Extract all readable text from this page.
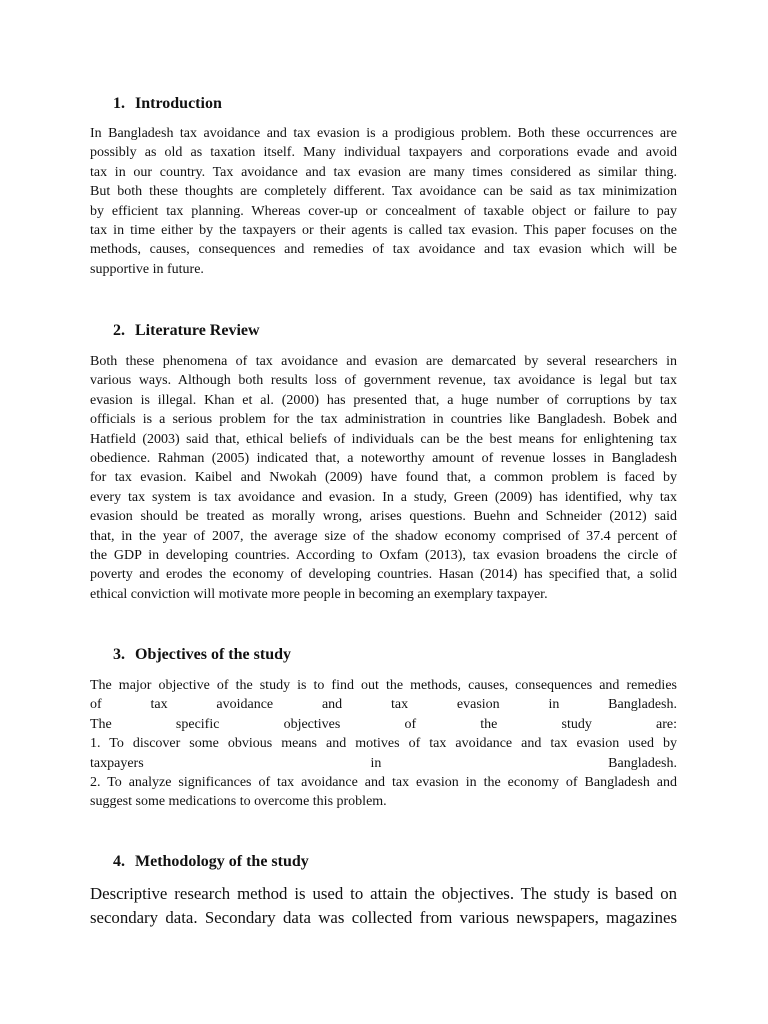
1. Introduction
In Bangladesh tax avoidance and tax evasion is a prodigious problem. Both these occurrences are
possibly as old as taxation itself. Many individual taxpayers and corporations evade and avoid
tax in our country. Tax avoidance and tax evasion are many times considered as similar thing.
But both these thoughts are completely different. Tax avoidance can be said as tax minimization
by efficient tax planning. Whereas cover-up or concealment of taxable object or failure to pay
tax in time either by the taxpayers or their agents is called tax evasion. This paper focuses on the
methods, causes, consequences and remedies of tax avoidance and tax evasion which will be
supportive in future.
2. Literature Review
Both these phenomena of tax avoidance and evasion are demarcated by several researchers in
various ways. Although both results loss of government revenue, tax avoidance is legal but tax
evasion is illegal. Khan et al. (2000) has presented that, a huge number of corruptions by tax
officials is a serious problem for the tax administration in countries like Bangladesh. Bobek and
Hatfield (2003) said that, ethical beliefs of individuals can be the best means for enlightening tax
obedience. Rahman (2005) indicated that, a noteworthy amount of revenue losses in Bangladesh
for tax evasion. Kaibel and Nwokah (2009) have found that, a common problem is faced by
every tax system is tax avoidance and evasion. In a study, Green (2009) has identified, why tax
evasion should be treated as morally wrong, arises questions. Buehn and Schneider (2012) said
that, in the year of 2007, the average size of the shadow economy comprised of 37.4 percent of
the GDP in developing countries. According to Oxfam (2013), tax evasion broadens the circle of
poverty and erodes the economy of developing countries. Hasan (2014) has specified that, a solid
ethical conviction will motivate more people in becoming an exemplary taxpayer.
3. Objectives of the study
The major objective of the study is to find out the methods, causes, consequences and remedies
of tax avoidance and tax evasion in Bangladesh.
The specific objectives of the study are:
1. To discover some obvious means and motives of tax avoidance and tax evasion used by
taxpayers in Bangladesh.
2. To analyze significances of tax avoidance and tax evasion in the economy of Bangladesh and
suggest some medications to overcome this problem.
4. Methodology of the study
Descriptive research method is used to attain the objectives. The study is based on
secondary data. Secondary data was collected from various newspapers, magazines
